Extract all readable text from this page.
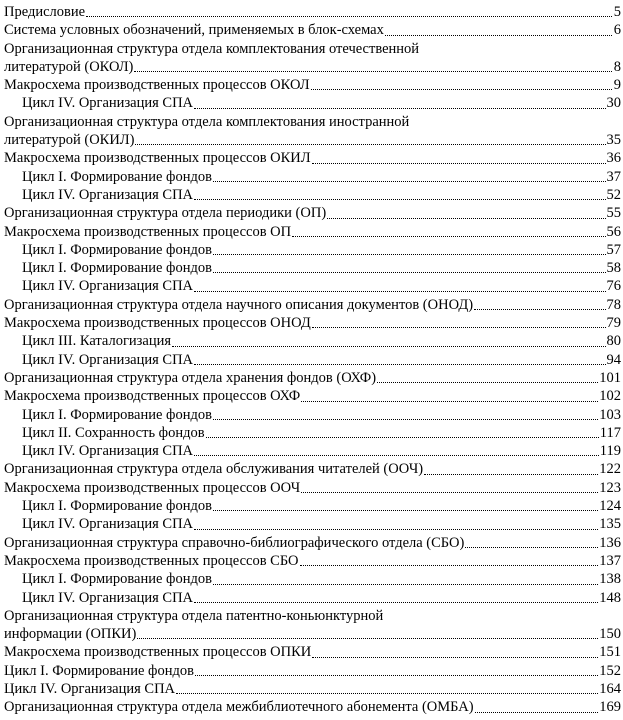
Предисловие	5
Система условных обозначений, применяемых в блок-схемах	6
Организационная структура отдела комплектования отечественной
литературой (ОКОЛ)	8
Макросхема производственных процессов ОКОЛ	9
Цикл IV. Организация СПА	30
Организационная структура отдела комплектования иностранной
литературой (ОКИЛ)	35
Макросхема производственных процессов ОКИЛ	36
Цикл I. Формирование фондов	37
Цикл IV. Организация СПА	52
Организационная структура отдела периодики (ОП)	55
Макросхема производственных процессов ОП	56
Цикл I. Формирование фондов	57
Цикл I. Формирование фондов	58
Цикл IV. Организация СПА	76
Организационная структура отдела научного описания документов (ОНОД)	78
Макросхема производственных процессов ОНОД	79
Цикл III. Каталогизация	80
Цикл IV. Организация СПА	94
Организационная структура отдела хранения фондов (ОХФ)	101
Макросхема производственных процессов ОХФ	102
Цикл I. Формирование фондов	103
Цикл II. Сохранность фондов	117
Цикл IV. Организация СПА	119
Организационная структура отдела обслуживания читателей (ООЧ)	122
Макросхема производственных процессов ООЧ	123
Цикл I. Формирование фондов	124
Цикл IV. Организация СПА	135
Организационная структура справочно-библиографического отдела (СБО)	136
Макросхема производственных процессов СБО	137
Цикл I. Формирование фондов	138
Цикл IV. Организация СПА	148
Организационная структура отдела патентно-коньюнктурной
информации (ОПКИ)	150
Макросхема производственных процессов ОПКИ	151
Цикл I. Формирование фондов	152
Цикл IV. Организация СПА	164
Организационная структура отдела межбиблиотечного абонемента (ОМБА)	169
